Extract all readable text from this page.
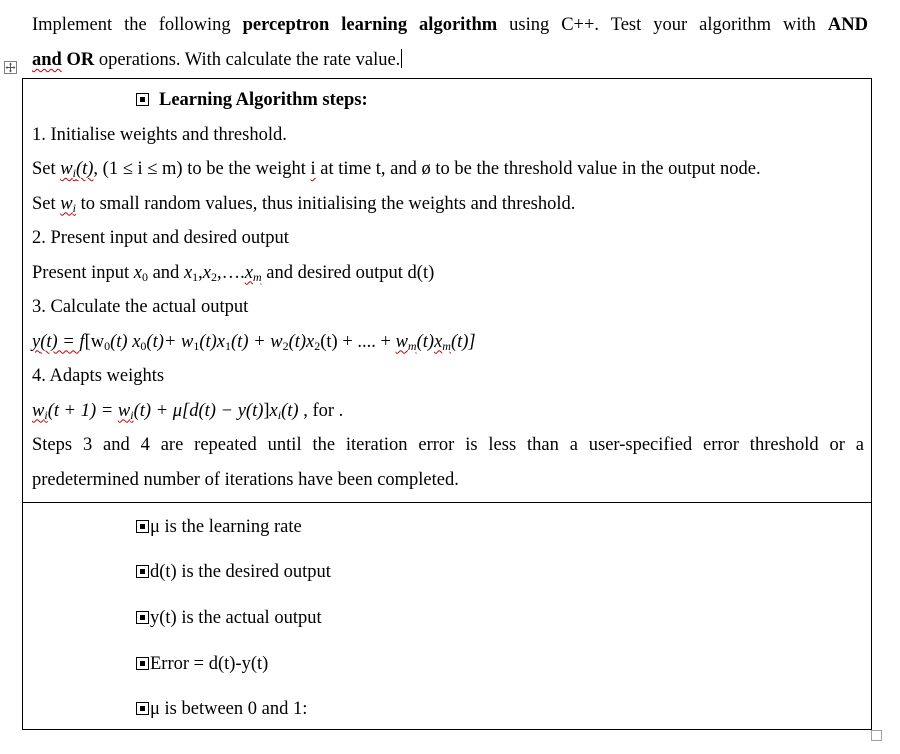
Implement the following perceptron learning algorithm using C++. Test your algorithm with AND
and OR operations. With calculate the rate value.
Learning Algorithm steps:
1. Initialise weights and threshold.
Set $w_i(t)$, (1 ≤ i ≤ m) to be the weight i at time t, and ø to be the threshold value in the output node.
Set $w_i$ to small random values, thus initialising the weights and threshold.
2. Present input and desired output
Present input $x_0$ and $x_1,x_2,\dots.x_m$ and desired output d(t)
3. Calculate the actual output
$y(t) = f[w_0(t)$ $x_0(t)+ w_1(t)x_1(t) + w_2(t)x_2(t)$ + .... + $w_m(t)x_m(t)$]
4. Adapts weights
$w_i(t + 1) = w_i(t) + \mu[d(t) - y(t)]x_i(t)$ , for .
Steps 3 and 4 are repeated until the iteration error is less than a user-specified error threshold or a
predetermined number of iterations have been completed.
μ is the learning rate
d(t) is the desired output
y(t) is the actual output
Error = d(t)-y(t)
μ is between 0 and 1:
